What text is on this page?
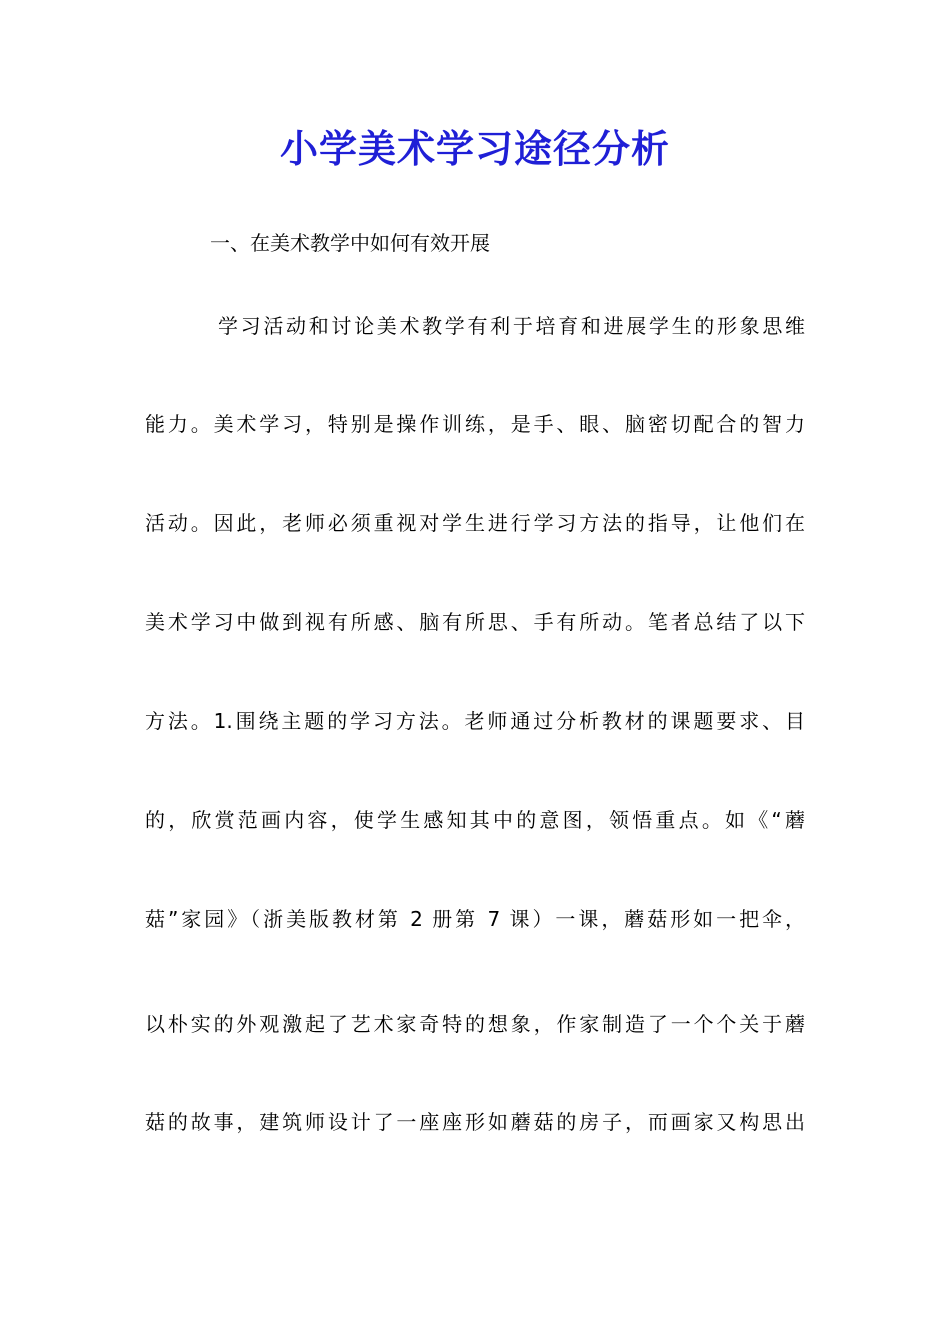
小学美术学习途径分析
一、在美术教学中如何有效开展
学习活动和讨论美术教学有利于培育和进展学生的形象思维
能力。美术学习，特别是操作训练，是手、眼、脑密切配合的智力
活动。因此，老师必须重视对学生进行学习方法的指导，让他们在
美术学习中做到视有所感、脑有所思、手有所动。笔者总结了以下
方法。1.围绕主题的学习方法。老师通过分析教材的课题要求、目
的，欣赏范画内容，使学生感知其中的意图，领悟重点。如《“蘑
菇”家园》（浙美版教材第 2 册第 7 课）一课，蘑菇形如一把伞，
以朴实的外观激起了艺术家奇特的想象，作家制造了一个个关于蘑
菇的故事，建筑师设计了一座座形如蘑菇的房子，而画家又构思出
